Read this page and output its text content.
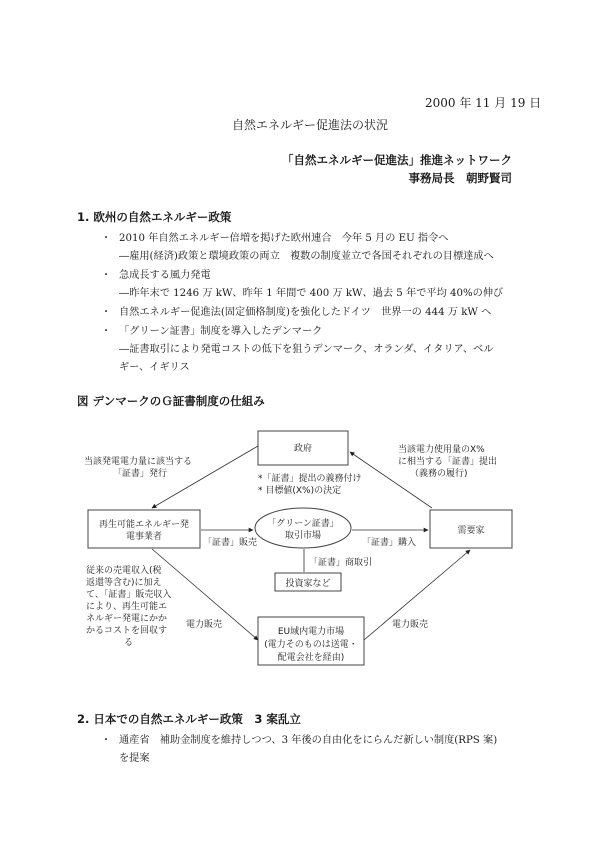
2000 年 11 月 19 日
自然エネルギー促進法の状況
「自然エネルギー促進法」推進ネットワーク
事務局長　朝野賢司
1. 欧州の自然エネルギー政策
・ 2010 年自然エネルギー倍増を掲げた欧州連合　今年 5 月の EU 指令へ
―雇用(経済)政策と環境政策の両立　複数の制度並立で各国それぞれの目標達成へ
・ 急成長する風力発電
―昨年末で 1246 万 kW、昨年 1 年間で 400 万 kW、過去 5 年で平均 40%の伸び
・ 自然エネルギー促進法(固定価格制度)を強化したドイツ　世界一の 444 万 kW へ
・ 「グリーン証書」制度を導入したデンマーク
―証書取引により発電コストの低下を狙うデンマーク、オランダ、イタリア、ベル
ギー、イギリス
図 デンマークのＧ証書制度の仕組み
政府
*「証書」提出の義務付け
* 目標値(X%)の決定
当該発電電力量に該当する
「証書」発行
当該電力使用量のX%
に相当する「証書」提出
（義務の履行)
再生可能エネルギー発
電事業者
「グリーン証書」
取引市場
「証書」販売	「証書」購入
需要家
「証書」商取引
投資家など
従来の売電収入(税
返還等含む)に加え
て、「証書」販売収入
により、再生可能エ
ネルギー発電にかか
かるコストを回収す
る
電力販売	電力販売
EU域内電力市場
(電力そのものは送電・
配電会社を経由)
2. 日本での自然エネルギー政策　3 案乱立
・ 通産省　補助金制度を維持しつつ、3 年後の自由化をにらんだ新しい制度(RPS 案)
を提案
